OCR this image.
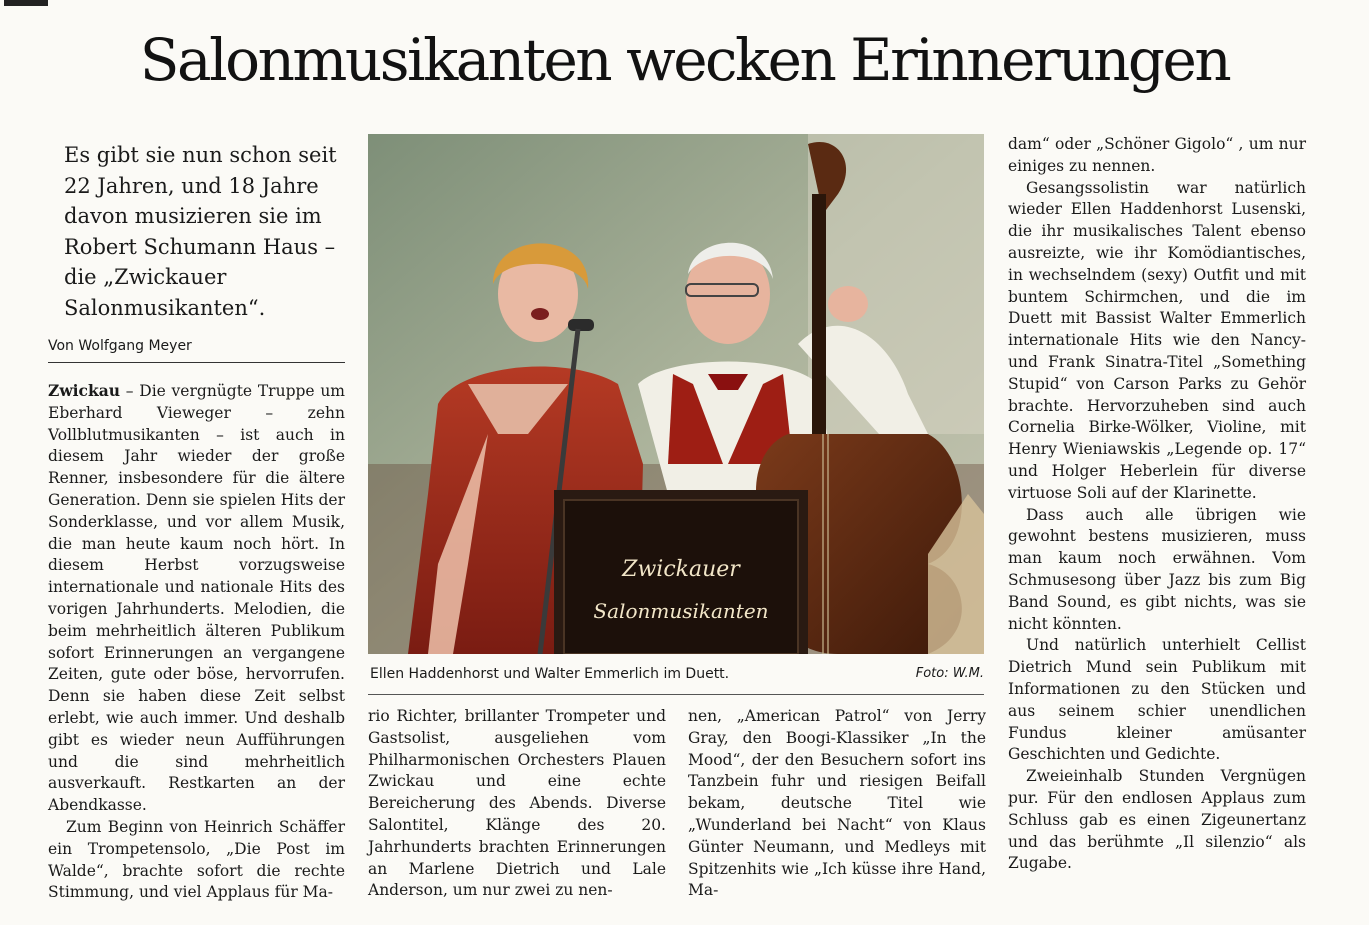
Salonmusikanten wecken Erinnerungen

Es gibt sie nun schon seit 22 Jahren, und 18 Jahre davon musizieren sie im Robert Schumann Haus – die „Zwickauer Salonmusikanten“.

Von Wolfgang Meyer

Zwickau – Die vergnügte Truppe um Eberhard Vieweger – zehn Vollblutmusikanten – ist auch in diesem Jahr wieder der große Renner, insbesondere für die ältere Generation. Denn sie spielen Hits der Sonderklasse, und vor allem Musik, die man heute kaum noch hört. In diesem Herbst vorzugsweise internationale und nationale Hits des vorigen Jahrhunderts. Melodien, die beim mehrheitlich älteren Publikum sofort Erinnerungen an vergangene Zeiten, gute oder böse, hervorrufen. Denn sie haben diese Zeit selbst erlebt, wie auch immer. Und deshalb gibt es wieder neun Aufführungen und die sind mehrheitlich ausverkauft. Restkarten an der Abendkasse.

Zum Beginn von Heinrich Schäffer ein Trompetensolo, „Die Post im Walde“, brachte sofort die rechte Stimmung, und viel Applaus für Ma-

Zwickauer
Salonmusikanten
Ellen Haddenhorst und Walter Emmerlich im Duett.	Foto: W.M.

rio Richter, brillanter Trompeter und Gastsolist, ausgeliehen vom Philharmonischen Orchesters Plauen Zwickau und eine echte Bereicherung des Abends. Diverse Salontitel, Klänge des 20. Jahrhunderts brachten Erinnerungen an Marlene Dietrich und Lale Anderson, um nur zwei zu nen-

nen, „American Patrol“ von Jerry Gray, den Boogi-Klassiker „In the Mood“, der den Besuchern sofort ins Tanzbein fuhr und riesigen Beifall bekam, deutsche Titel wie „Wunderland bei Nacht“ von Klaus Günter Neumann, und Medleys mit Spitzenhits wie „Ich küsse ihre Hand, Ma-

dam“ oder „Schöner Gigolo“ , um nur einiges zu nennen.

Gesangssolistin war natürlich wieder Ellen Haddenhorst Lusenski, die ihr musikalisches Talent ebenso ausreizte, wie ihr Komödiantisches, in wechselndem (sexy) Outfit und mit buntem Schirmchen, und die im Duett mit Bassist Walter Emmerlich internationale Hits wie den Nancy- und Frank Sinatra-Titel „Something Stupid“ von Carson Parks zu Gehör brachte. Hervorzuheben sind auch Cornelia Birke-Wölker, Violine, mit Henry Wieniawskis „Legende op. 17“ und Holger Heberlein für diverse virtuose Soli auf der Klarinette.

Dass auch alle übrigen wie gewohnt bestens musizieren, muss man kaum noch erwähnen. Vom Schmusesong über Jazz bis zum Big Band Sound, es gibt nichts, was sie nicht könnten.

Und natürlich unterhielt Cellist Dietrich Mund sein Publikum mit Informationen zu den Stücken und aus seinem schier unendlichen Fundus kleiner amüsanter Geschichten und Gedichte.

Zweieinhalb Stunden Vergnügen pur. Für den endlosen Applaus zum Schluss gab es einen Zigeunertanz und das berühmte „Il silenzio“ als Zugabe.
